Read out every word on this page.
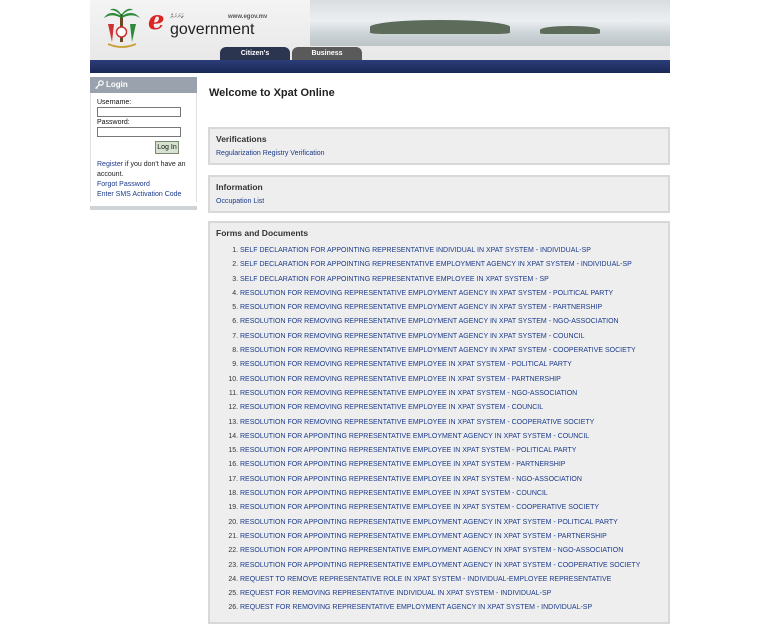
e ޖަނަރަލް	www.egov.mv
government
Citizen's	Business
Login
Username:
Password:
Log In
Register if you don't have an account.
Forgot Password
Enter SMS Activation Code
Welcome to Xpat Online
Verifications
Regularization Registry Verification
Information
Occupation List
Forms and Documents
1. SELF DECLARATION FOR APPOINTING REPRESENTATIVE INDIVIDUAL IN XPAT SYSTEM - INDIVIDUAL-SP
2. SELF DECLARATION FOR APPOINTING REPRESENTATIVE EMPLOYMENT AGENCY IN XPAT SYSTEM - INDIVIDUAL-SP
3. SELF DECLARATION FOR APPOINTING REPRESENTATIVE EMPLOYEE IN XPAT SYSTEM - SP
4. RESOLUTION FOR REMOVING REPRESENTATIVE EMPLOYMENT AGENCY IN XPAT SYSTEM - POLITICAL PARTY
5. RESOLUTION FOR REMOVING REPRESENTATIVE EMPLOYMENT AGENCY IN XPAT SYSTEM - PARTNERSHIP
6. RESOLUTION FOR REMOVING REPRESENTATIVE EMPLOYMENT AGENCY IN XPAT SYSTEM - NGO-ASSOCIATION
7. RESOLUTION FOR REMOVING REPRESENTATIVE EMPLOYMENT AGENCY IN XPAT SYSTEM - COUNCIL
8. RESOLUTION FOR REMOVING REPRESENTATIVE EMPLOYMENT AGENCY IN XPAT SYSTEM - COOPERATIVE SOCIETY
9. RESOLUTION FOR REMOVING REPRESENTATIVE EMPLOYEE IN XPAT SYSTEM - POLITICAL PARTY
10. RESOLUTION FOR REMOVING REPRESENTATIVE EMPLOYEE IN XPAT SYSTEM - PARTNERSHIP
11. RESOLUTION FOR REMOVING REPRESENTATIVE EMPLOYEE IN XPAT SYSTEM - NGO-ASSOCIATION
12. RESOLUTION FOR REMOVING REPRESENTATIVE EMPLOYEE IN XPAT SYSTEM - COUNCIL
13. RESOLUTION FOR REMOVING REPRESENTATIVE EMPLOYEE IN XPAT SYSTEM - COOPERATIVE SOCIETY
14. RESOLUTION FOR APPOINTING REPRESENTATIVE EMPLOYMENT AGENCY IN XPAT SYSTEM - COUNCIL
15. RESOLUTION FOR APPOINTING REPRESENTATIVE EMPLOYEE IN XPAT SYSTEM - POLITICAL PARTY
16. RESOLUTION FOR APPOINTING REPRESENTATIVE EMPLOYEE IN XPAT SYSTEM - PARTNERSHIP
17. RESOLUTION FOR APPOINTING REPRESENTATIVE EMPLOYEE IN XPAT SYSTEM - NGO-ASSOCIATION
18. RESOLUTION FOR APPOINTING REPRESENTATIVE EMPLOYEE IN XPAT SYSTEM - COUNCIL
19. RESOLUTION FOR APPOINTING REPRESENTATIVE EMPLOYEE IN XPAT SYSTEM - COOPERATIVE SOCIETY
20. RESOLUTION FOR APPOINTING REPRESENTATIVE EMPLOYMENT AGENCY IN XPAT SYSTEM - POLITICAL PARTY
21. RESOLUTION FOR APPOINTING REPRESENTATIVE EMPLOYMENT AGENCY IN XPAT SYSTEM - PARTNERSHIP
22. RESOLUTION FOR APPOINTING REPRESENTATIVE EMPLOYMENT AGENCY IN XPAT SYSTEM - NGO-ASSOCIATION
23. RESOLUTION FOR APPOINTING REPRESENTATIVE EMPLOYMENT AGENCY IN XPAT SYSTEM - COOPERATIVE SOCIETY
24. REQUEST TO REMOVE REPRESENTATIVE ROLE IN XPAT SYSTEM - INDIVIDUAL-EMPLOYEE REPRESENTATIVE
25. REQUEST FOR REMOVING REPRESENTATIVE INDIVIDUAL IN XPAT SYSTEM - INDIVIDUAL-SP
26. REQUEST FOR REMOVING REPRESENTATIVE EMPLOYMENT AGENCY IN XPAT SYSTEM - INDIVIDUAL-SP
